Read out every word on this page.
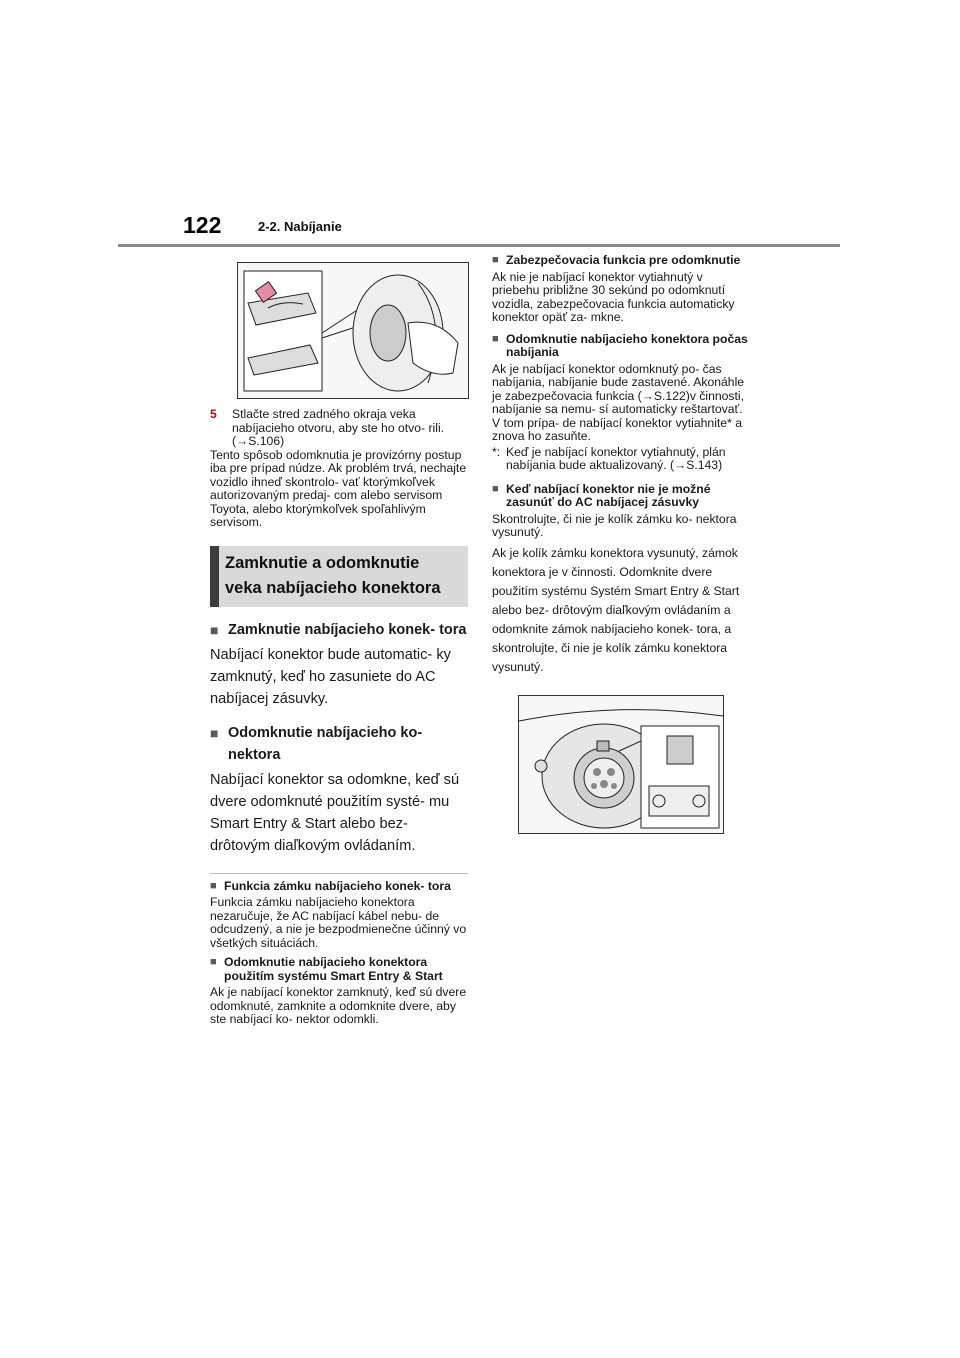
122	2-2. Nabíjanie
5	Stlačte stred zadného okraja veka nabíjacieho otvoru, aby ste ho otvo- rili. (→S.106)

Tento spôsob odomknutia je provizórny postup iba pre prípad núdze. Ak problém trvá, nechajte vozidlo ihneď skontrolo- vať ktorýmkoľvek autorizovaným predaj- com alebo servisom Toyota, alebo ktorýmkoľvek spoľahlivým servisom.

Zamknutie a odomknutie veka nabíjacieho konektora
■ Zamknutie nabíjacieho konek- tora

Nabíjací konektor bude automatic- ky zamknutý, keď ho zasuniete do AC nabíjacej zásuvky.

■ Odomknutie nabíjacieho ko- nektora

Nabíjací konektor sa odomkne, keď sú dvere odomknuté použitím systé- mu Smart Entry & Start alebo bez- drôtovým diaľkovým ovládaním.

■ Funkcia zámku nabíjacieho konek- tora

Funkcia zámku nabíjacieho konektora nezaručuje, že AC nabíjací kábel nebu- de odcudzený, a nie je bezpodmienečne účinný vo všetkých situáciách.

■ Odomknutie nabíjacieho konektora použitím systému Smart Entry & Start

Ak je nabíjací konektor zamknutý, keď sú dvere odomknuté, zamknite a odomknite dvere, aby ste nabíjací ko- nektor odomkli.

■ Zabezpečovacia funkcia pre odomknutie

Ak nie je nabíjací konektor vytiahnutý v priebehu približne 30 sekúnd po odomknutí vozidla, zabezpečovacia funkcia automaticky konektor opäť za- mkne.

■ Odomknutie nabíjacieho konektora počas nabíjania

Ak je nabíjací konektor odomknutý po- čas nabíjania, nabíjanie bude zastavené. Akonáhle je zabezpečovacia funkcia (→S.122)v činnosti, nabíjanie sa nemu- sí automaticky reštartovať. V tom prípa- de nabíjací konektor vytiahnite* a znova ho zasuňte.

*: Keď je nabíjací konektor vytiahnutý, plán nabíjania bude aktualizovaný. (→S.143)
■ Keď nabíjací konektor nie je možné zasunúť do AC nabíjacej zásuvky

Skontrolujte, či nie je kolík zámku ko- nektora vysunutý.

Ak je kolík zámku konektora vysunutý, zámok konektora je v činnosti. Odomknite dvere použitím systému Systém Smart Entry & Start alebo bez- drôtovým diaľkovým ovládaním a odomknite zámok nabíjacieho konek- tora, a skontrolujte, či nie je kolík zámku konektora vysunutý.
